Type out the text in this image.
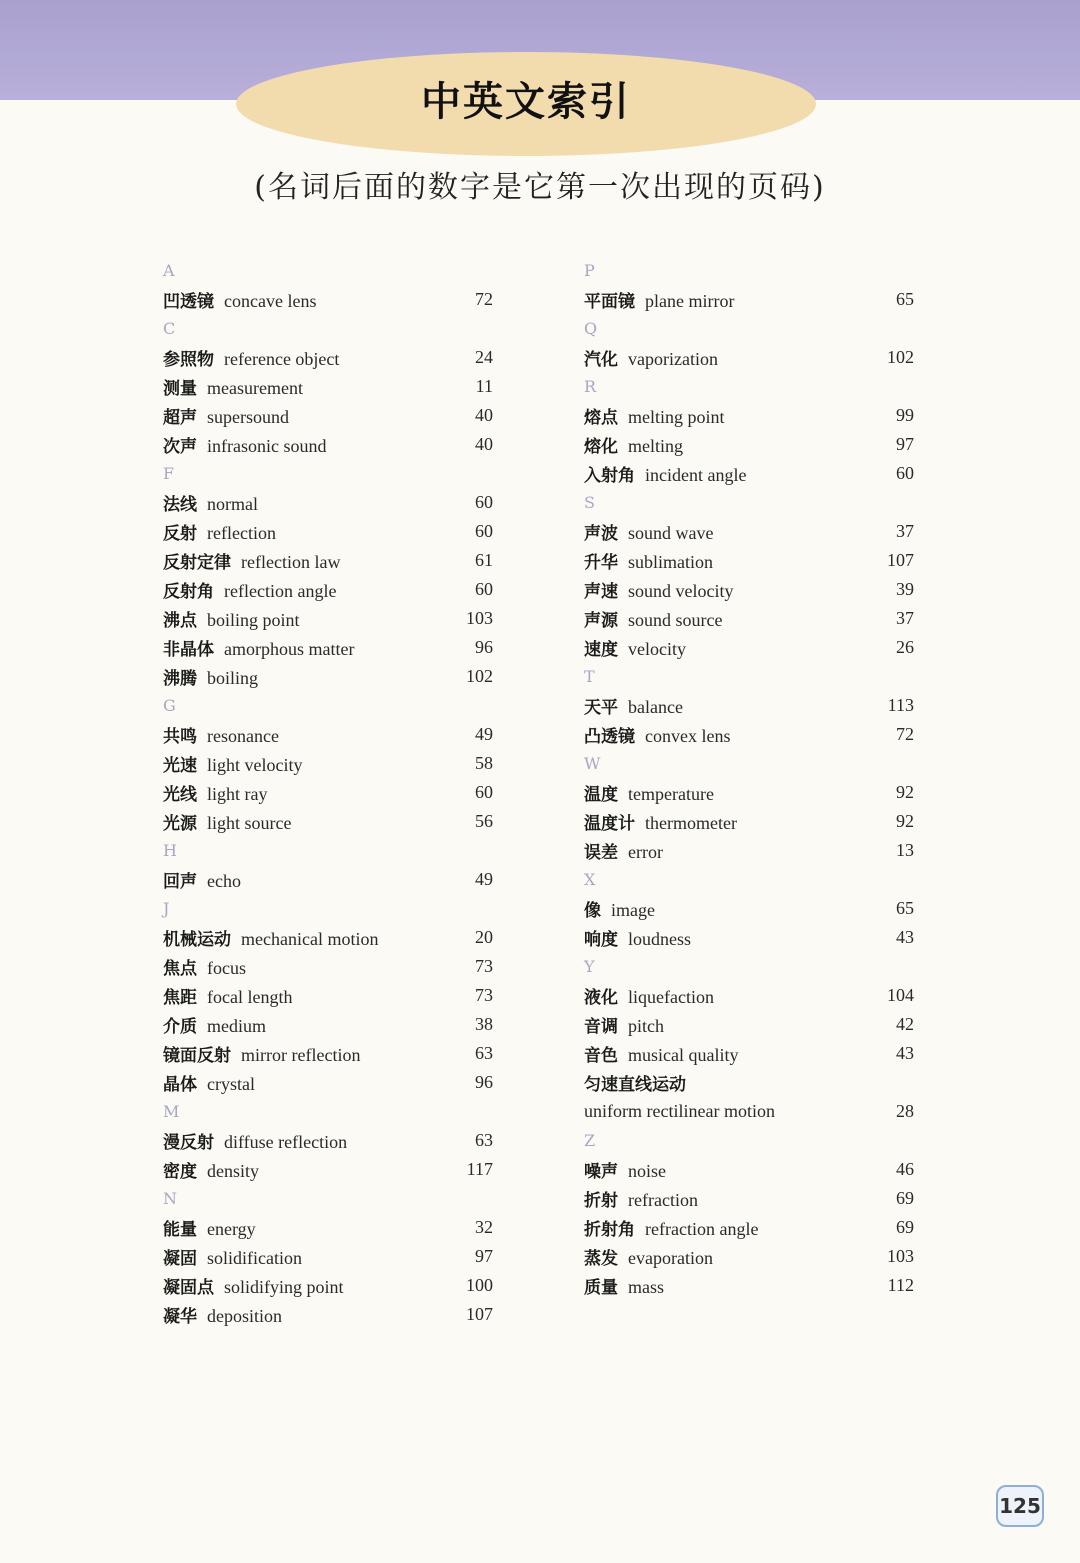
中英文索引
(名词后面的数字是它第一次出现的页码)
A
凹透镜 concave lens	72
C
参照物 reference object	24
测量 measurement	11
超声 supersound	40
次声 infrasonic sound	40
F
法线 normal	60
反射 reflection	60
反射定律 reflection law	61
反射角 reflection angle	60
沸点 boiling point	103
非晶体 amorphous matter	96
沸腾 boiling	102
G
共鸣 resonance	49
光速 light velocity	58
光线 light ray	60
光源 light source	56
H
回声 echo	49
J
机械运动 mechanical motion	20
焦点 focus	73
焦距 focal length	73
介质 medium	38
镜面反射 mirror reflection	63
晶体 crystal	96
M
漫反射 diffuse reflection	63
密度 density	117
N
能量 energy	32
凝固 solidification	97
凝固点 solidifying point	100
凝华 deposition	107
P
平面镜 plane mirror	65
Q
汽化 vaporization	102
R
熔点 melting point	99
熔化 melting	97
入射角 incident angle	60
S
声波 sound wave	37
升华 sublimation	107
声速 sound velocity	39
声源 sound source	37
速度 velocity	26
T
天平 balance	113
凸透镜 convex lens	72
W
温度 temperature	92
温度计 thermometer	92
误差 error	13
X
像 image	65
响度 loudness	43
Y
液化 liquefaction	104
音调 pitch	42
音色 musical quality	43
匀速直线运动
uniform rectilinear motion	28
Z
噪声 noise	46
折射 refraction	69
折射角 refraction angle	69
蒸发 evaporation	103
质量 mass	112
125
